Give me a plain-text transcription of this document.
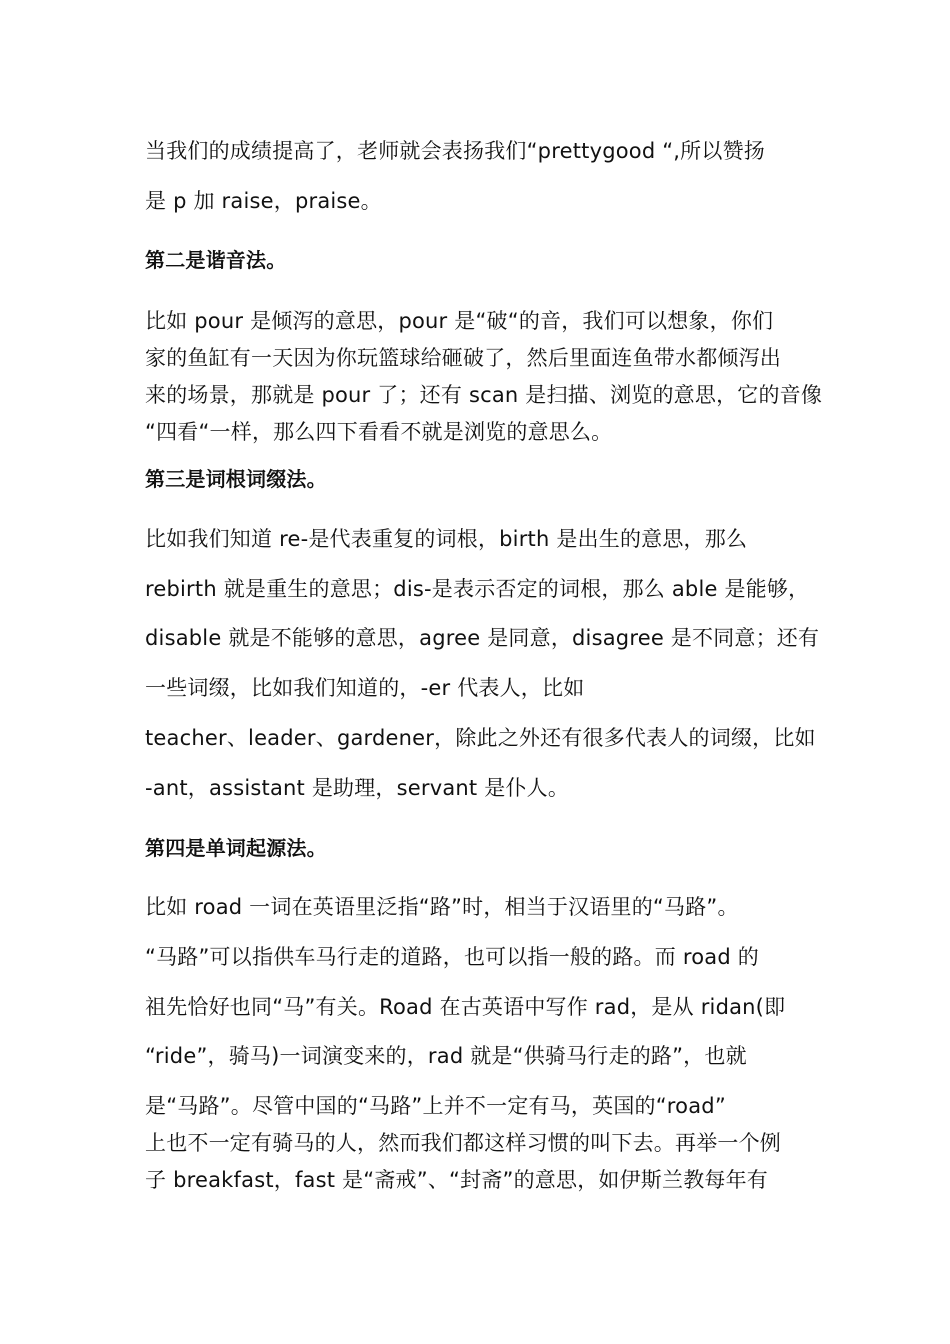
当我们的成绩提高了，老师就会表扬我们“prettygood “,所以赞扬
是 p 加 raise，praise。
第二是谐音法。
比如 pour 是倾泻的意思，pour 是“破“的音，我们可以想象，你们
家的鱼缸有一天因为你玩篮球给砸破了，然后里面连鱼带水都倾泻出
来的场景，那就是 pour 了；还有 scan 是扫描、浏览的意思，它的音像
“四看“一样，那么四下看看不就是浏览的意思么。
第三是词根词缀法。
比如我们知道 re-是代表重复的词根，birth 是出生的意思，那么
rebirth 就是重生的意思；dis-是表示否定的词根，那么 able 是能够，
disable 就是不能够的意思，agree 是同意，disagree 是不同意；还有
一些词缀，比如我们知道的，-er 代表人，比如
teacher、leader、gardener，除此之外还有很多代表人的词缀，比如
-ant，assistant 是助理，servant 是仆人。
第四是单词起源法。
比如 road 一词在英语里泛指“路”时，相当于汉语里的“马路”。
“马路”可以指供车马行走的道路，也可以指一般的路。而 road 的
祖先恰好也同“马”有关。Road 在古英语中写作 rad，是从 ridan(即
“ride”，骑马)一词演变来的，rad 就是“供骑马行走的路”，也就
是“马路”。尽管中国的“马路”上并不一定有马，英国的“road”
上也不一定有骑马的人，然而我们都这样习惯的叫下去。再举一个例
子 breakfast，fast 是“斋戒”、“封斋”的意思，如伊斯兰教每年有
